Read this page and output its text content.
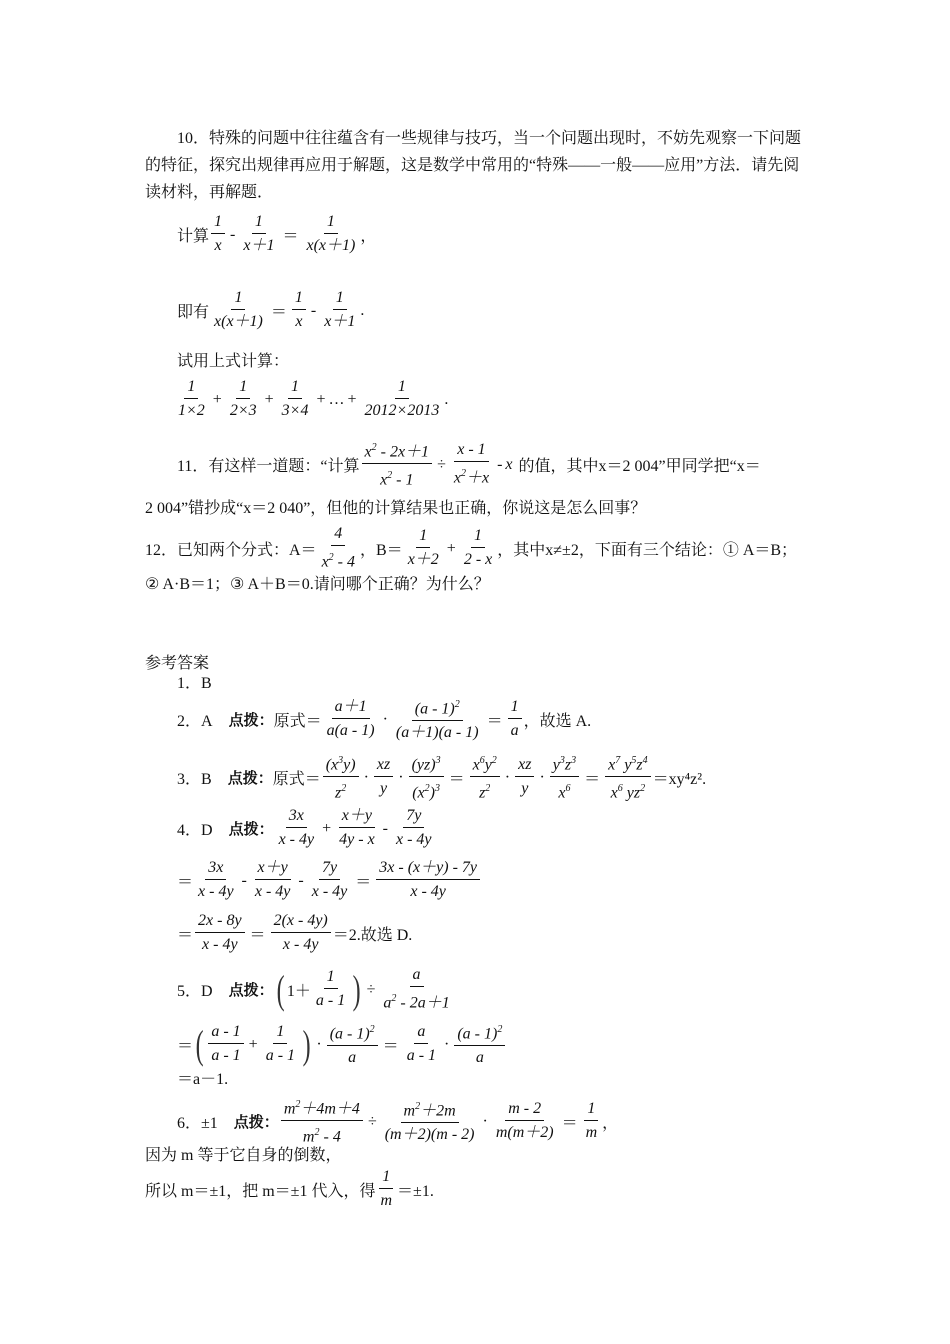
10．特殊的问题中往往蕴含有一些规律与技巧，当一个问题出现时，不妨先观察一下问题的特征，探究出规律再应用于解题，这是数学中常用的“特殊——一般——应用”方法．请先阅读材料，再解题．
计算 $\frac{1}{x} - \frac{1}{x+1} = \frac{1}{x(x+1)}$ ，
即有 $\frac{1}{x(x+1)} = \frac{1}{x} - \frac{1}{x+1}$ .
试用上式计算：
$\frac{1}{1\times 2} + \frac{1}{2\times 3} + \frac{1}{3\times 4}$ + … + $\frac{1}{2012\times 2013}$ .
11．有这样一道题：“计算 $\frac{x^2 - 2x+1}{x^2 - 1} \div \frac{x - 1}{x^2+x} - x$ 的值，其中x＝2 004”甲同学把“x＝
2 004”错抄成“x＝2 040”，但他的计算结果也正确，你说这是怎么回事？
12．已知两个分式：$A= \frac{4}{x^2 - 4}$ ，$B= \frac{1}{x+2} + \frac{1}{2 - x}$ ，其中x≠±2，下面有三个结论：① A＝B；
② A·B＝1；③ A＋B＝0.请问哪个正确？为什么？
参考答案
1．B
2．A 点拨： 原式＝ $\frac{a+1}{a(a - 1)} \cdot \frac{(a - 1)^2}{(a+1)(a - 1)} = \frac{1}{a}$ ，故选 A.
3．B 点拨： 原式＝ $\frac{(x^3y)}{z^2} \cdot \frac{xz}{y} \cdot \frac{(yz)^3}{(x^2)^3} = \frac{x^6y^2}{z^2} \cdot \frac{xz}{y} \cdot \frac{y^3z^3}{x^6} = \frac{x^7 y^5z^4}{x^6 yz^2} =xy^4z^2$.
4．D 点拨： $\frac{3x}{x - 4y} + \frac{x+y}{4y - x} - \frac{7y}{x - 4y}$
＝ $\frac{3x}{x - 4y} - \frac{x+y}{x - 4y} - \frac{7y}{x - 4y} = \frac{3x - (x+y) - 7y}{x - 4y}$
＝ $\frac{2x - 8y}{x - 4y} = \frac{2(x - 4y)}{x - 4y} =2$.故选 D.
5．D 点拨： ( $1+ \frac{1}{a - 1}$ ) ÷ $\frac{a}{a^2 - 2a+1}$
＝ ( $\frac{a - 1}{a - 1} + \frac{1}{a - 1}$ ) · $\frac{(a - 1)^2}{a} = \frac{a}{a - 1} \cdot \frac{(a - 1)^2}{a}$
＝a－1.
6．±1 点拨： $\frac{m^2+4m+4}{m^2 - 4} \div \frac{m^2+2m}{(m+2)(m - 2)} \cdot \frac{m - 2}{m(m+2)} = \frac{1}{m}$ ，
因为 m 等于它自身的倒数，
所以 m＝±1，把 m＝±1 代入，得 $\frac{1}{m} =\pm 1$.
